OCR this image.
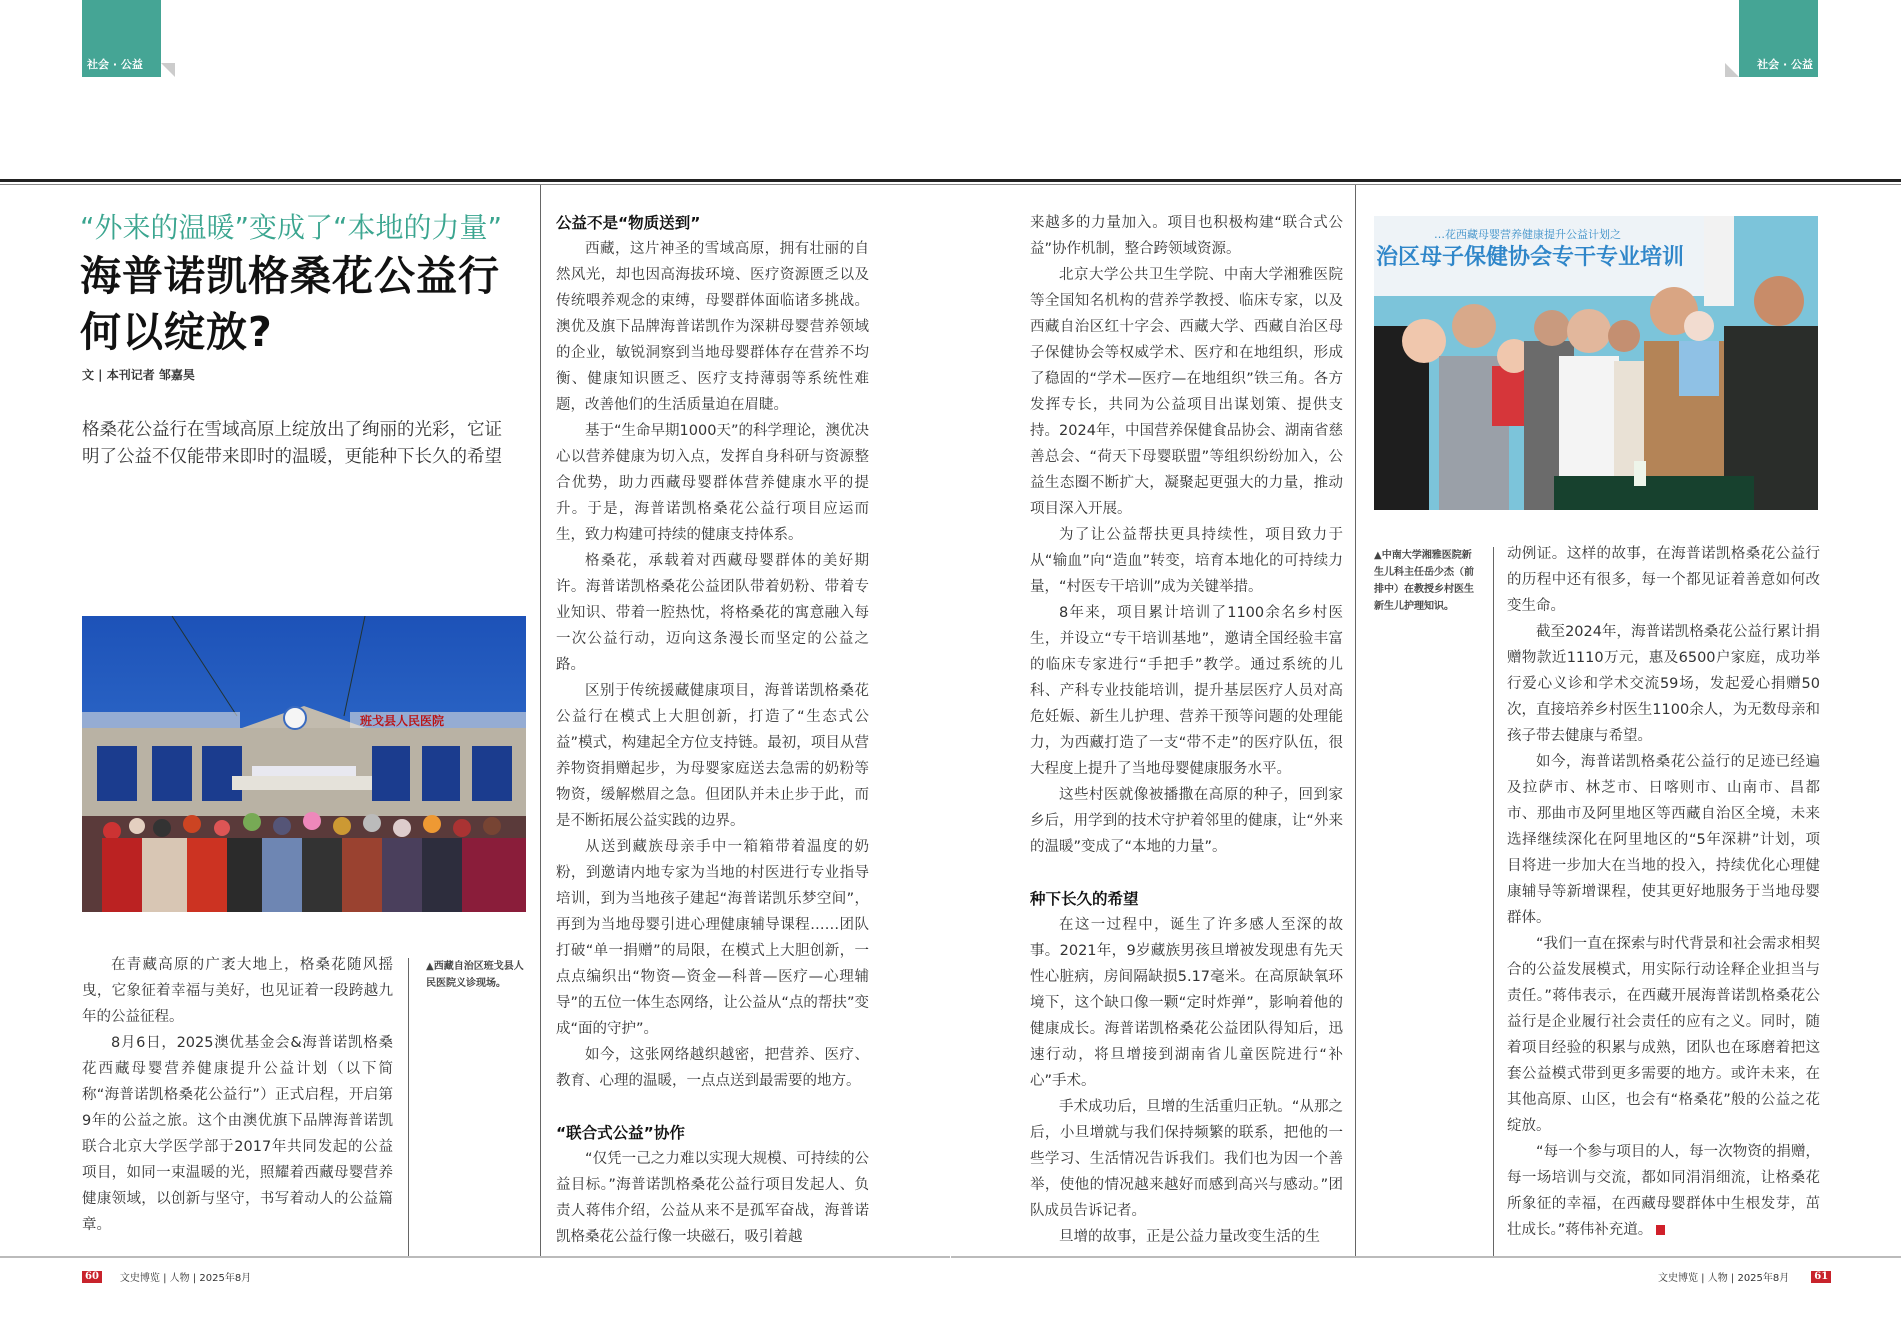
社会 · 公益	社会 · 公益
“外来的温暖”变成了“本地的力量”
海普诺凯格桑花公益行
何以绽放?
文 | 本刊记者 邹嘉昊
格桑花公益行在雪域高原上绽放出了绚丽的光彩，它证明了公益不仅能带来即时的温暖，更能种下长久的希望
班戈县人民医院
▲西藏自治区班戈县人民医院义诊现场。

在青藏高原的广袤大地上，格桑花随风摇曳，它象征着幸福与美好，也见证着一段跨越九年的公益征程。

8月6日，2025澳优基金会&海普诺凯格桑花西藏母婴营养健康提升公益计划（以下简称“海普诺凯格桑花公益行”）正式启程，开启第9年的公益之旅。这个由澳优旗下品牌海普诺凯联合北京大学医学部于2017年共同发起的公益项目，如同一束温暖的光，照耀着西藏母婴营养健康领域，以创新与坚守，书写着动人的公益篇章。

公益不是“物质送到”

西藏，这片神圣的雪域高原，拥有壮丽的自然风光，却也因高海拔环境、医疗资源匮乏以及传统喂养观念的束缚，母婴群体面临诸多挑战。澳优及旗下品牌海普诺凯作为深耕母婴营养领域的企业，敏锐洞察到当地母婴群体存在营养不均衡、健康知识匮乏、医疗支持薄弱等系统性难题，改善他们的生活质量迫在眉睫。

基于“生命早期1000天”的科学理论，澳优决心以营养健康为切入点，发挥自身科研与资源整合优势，助力西藏母婴群体营养健康水平的提升。于是，海普诺凯格桑花公益行项目应运而生，致力构建可持续的健康支持体系。

格桑花，承载着对西藏母婴群体的美好期许。海普诺凯格桑花公益团队带着奶粉、带着专业知识、带着一腔热忱，将格桑花的寓意融入每一次公益行动，迈向这条漫长而坚定的公益之路。

区别于传统援藏健康项目，海普诺凯格桑花公益行在模式上大胆创新，打造了“生态式公益”模式，构建起全方位支持链。最初，项目从营养物资捐赠起步，为母婴家庭送去急需的奶粉等物资，缓解燃眉之急。但团队并未止步于此，而是不断拓展公益实践的边界。

从送到藏族母亲手中一箱箱带着温度的奶粉，到邀请内地专家为当地的村医进行专业指导培训，到为当地孩子建起“海普诺凯乐梦空间”，再到为当地母婴引进心理健康辅导课程……团队打破“单一捐赠”的局限，在模式上大胆创新，一点点编织出“物资—资金—科普—医疗—心理辅导”的五位一体生态网络，让公益从“点的帮扶”变成“面的守护”。

如今，这张网络越织越密，把营养、医疗、教育、心理的温暖，一点点送到最需要的地方。

“联合式公益”协作

“仅凭一己之力难以实现大规模、可持续的公益目标。”海普诺凯格桑花公益行项目发起人、负责人蒋伟介绍，公益从来不是孤军奋战，海普诺凯格桑花公益行像一块磁石，吸引着越

来越多的力量加入。项目也积极构建“联合式公益”协作机制，整合跨领域资源。

北京大学公共卫生学院、中南大学湘雅医院等全国知名机构的营养学教授、临床专家，以及西藏自治区红十字会、西藏大学、西藏自治区母子保健协会等权威学术、医疗和在地组织，形成了稳固的“学术—医疗—在地组织”铁三角。各方发挥专长，共同为公益项目出谋划策、提供支持。2024年，中国营养保健食品协会、湖南省慈善总会、“荷天下母婴联盟”等组织纷纷加入，公益生态圈不断扩大，凝聚起更强大的力量，推动项目深入开展。

为了让公益帮扶更具持续性，项目致力于从“输血”向“造血”转变，培育本地化的可持续力量，“村医专干培训”成为关键举措。

8年来，项目累计培训了1100余名乡村医生，并设立“专干培训基地”，邀请全国经验丰富的临床专家进行“手把手”教学。通过系统的儿科、产科专业技能培训，提升基层医疗人员对高危妊娠、新生儿护理、营养干预等问题的处理能力，为西藏打造了一支“带不走”的医疗队伍，很大程度上提升了当地母婴健康服务水平。

这些村医就像被播撒在高原的种子，回到家乡后，用学到的技术守护着邻里的健康，让“外来的温暖”变成了“本地的力量”。

种下长久的希望

在这一过程中，诞生了许多感人至深的故事。2021年，9岁藏族男孩旦增被发现患有先天性心脏病，房间隔缺损5.17毫米。在高原缺氧环境下，这个缺口像一颗“定时炸弹”，影响着他的健康成长。海普诺凯格桑花公益团队得知后，迅速行动，将旦增接到湖南省儿童医院进行“补心”手术。

手术成功后，旦增的生活重归正轨。“从那之后，小旦增就与我们保持频繁的联系，把他的一些学习、生活情况告诉我们。我们也为因一个善举，使他的情况越来越好而感到高兴与感动。”团队成员告诉记者。

旦增的故事，正是公益力量改变生活的生

…花西藏母婴营养健康提升公益计划之
治区母子保健协会专干专业培训
▲中南大学湘雅医院新生儿科主任岳少杰（前排中）在教授乡村医生新生儿护理知识。

动例证。这样的故事，在海普诺凯格桑花公益行的历程中还有很多，每一个都见证着善意如何改变生命。

截至2024年，海普诺凯格桑花公益行累计捐赠物款近1110万元，惠及6500户家庭，成功举行爱心义诊和学术交流59场，发起爱心捐赠50次，直接培养乡村医生1100余人，为无数母亲和孩子带去健康与希望。

如今，海普诺凯格桑花公益行的足迹已经遍及拉萨市、林芝市、日喀则市、山南市、昌都市、那曲市及阿里地区等西藏自治区全境，未来选择继续深化在阿里地区的“5年深耕”计划，项目将进一步加大在当地的投入，持续优化心理健康辅导等新增课程，使其更好地服务于当地母婴群体。

“我们一直在探索与时代背景和社会需求相契合的公益发展模式，用实际行动诠释企业担当与责任。”蒋伟表示，在西藏开展海普诺凯格桑花公益行是企业履行社会责任的应有之义。同时，随着项目经验的积累与成熟，团队也在琢磨着把这套公益模式带到更多需要的地方。或许未来，在其他高原、山区，也会有“格桑花”般的公益之花绽放。

“每一个参与项目的人，每一次物资的捐赠，每一场培训与交流，都如同涓涓细流，让格桑花所象征的幸福，在西藏母婴群体中生根发芽，茁壮成长。”蒋伟补充道。

60	文史博览 | 人物 | 2025年8月	文史博览 | 人物 | 2025年8月	61
